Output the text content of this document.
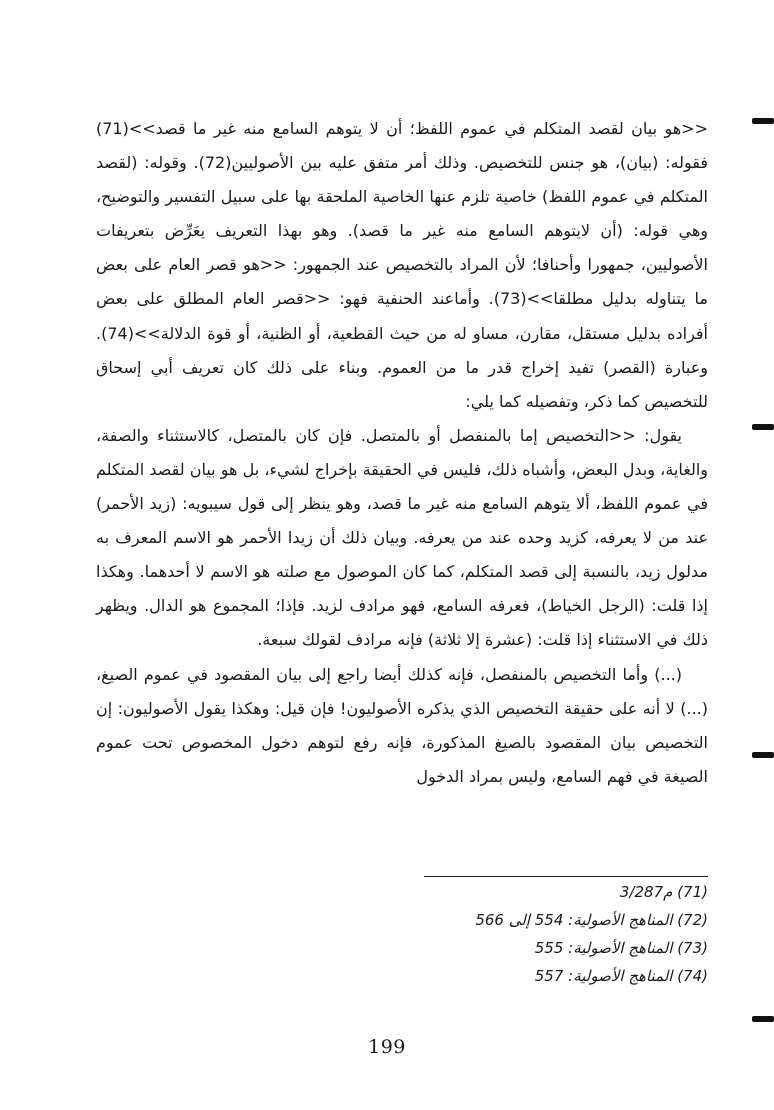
<<هو بيان لقصد المتكلم في عموم اللفظ؛ أن لا يتوهم السامع منه غير ما قصد>>(71) فقوله: (بيان)، هو جنس للتخصيص. وذلك أمر متفق عليه بين الأصوليين(72). وقوله: (لقصد المتكلم في عموم اللفظ) خاصية تلزم عنها الخاصية الملحقة بها على سبيل التفسير والتوضيح، وهي قوله: (أن لايتوهم السامع منه غير ما قصد). وهو بهذا التعريف يعَرِّض بتعريفات الأصوليين، جمهورا وأحنافا؛ لأن المراد بالتخصيص عند الجمهور: <<هو قصر العام على بعض ما يتناوله بدليل مطلقا>>(73). وأماعند الحنفية فهو: <<قصر العام المطلق على بعض أفراده بدليل مستقل، مقارن، مساو له من حيث القطعية، أو الظنية، أو قوة الدلالة>>(74). وعبارة (القصر) تفيد إخراج قدر ما من العموم. وبناء على ذلك كان تعريف أبي إسحاق للتخصيص كما ذكر، وتفصيله كما يلي:

يقول: <<التخصيص إما بالمنفصل أو بالمتصل. فإن كان بالمتصل، كالاستثناء والصفة، والغاية، وبدل البعض، وأشباه ذلك، فليس في الحقيقة بإخراج لشيء، بل هو بيان لقصد المتكلم في عموم اللفظ، ألا يتوهم السامع منه غير ما قصد، وهو ينظر إلى قول سيبويه: (زيد الأحمر) عند من لا يعرفه، كزيد وحده عند من يعرفه. وبيان ذلك أن زيدا الأحمر هو الاسم المعرف به مدلول زيد، بالنسبة إلى قصد المتكلم، كما كان الموصول مع صلته هو الاسم لا أحدهما. وهكذا إذا قلت: (الرجل الخياط)، فعرفه السامع، فهو مرادف لزيد. فإذا؛ المجموع هو الدال. ويظهر ذلك في الاستثناء إذا قلت: (عشرة إلا ثلاثة) فإنه مرادف لقولك سبعة.

(...) وأما التخصيص بالمنفصل، فإنه كذلك أيضا راجع إلى بيان المقصود في عموم الصيغ، (...) لا أنه على حقيقة التخصيص الذي يذكره الأصوليون! فإن قيل: وهكذا يقول الأصوليون: إن التخصيص بيان المقصود بالصيغ المذكورة، فإنه رفع لتوهم دخول المخصوص تحت عموم الصيغة في فهم السامع، وليس بمراد الدخول

(71) م3/287
(72) المناهج الأصولية: 554 إلى 566
(73) المناهج الأصولية: 555
(74) المناهج الأصولية: 557
199
